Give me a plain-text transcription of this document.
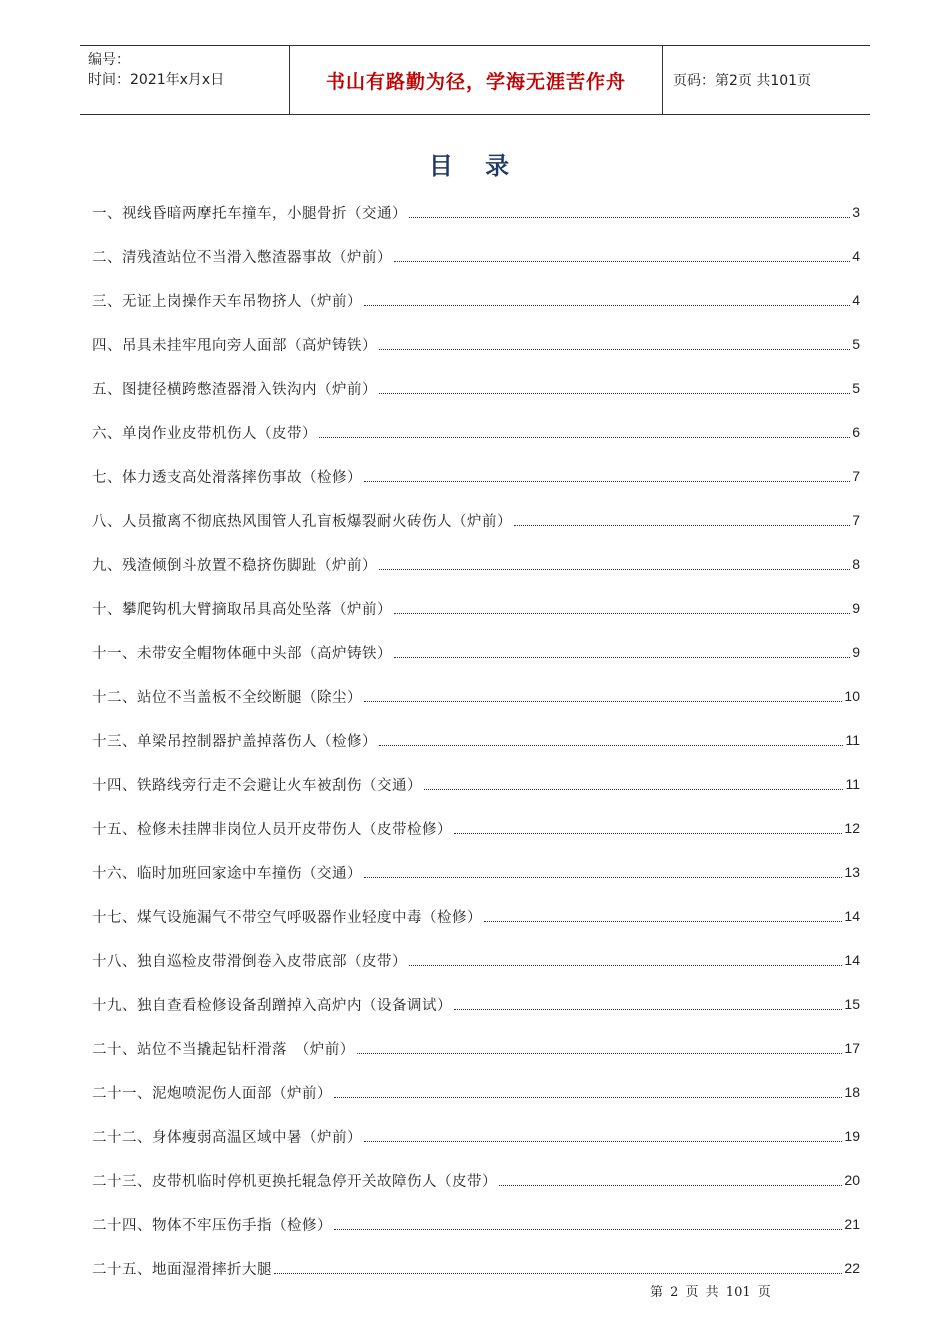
编号：
时间：2021年x月x日	书山有路勤为径，学海无涯苦作舟	页码：第2页 共101页
目 录
一、视线昏暗两摩托车撞车，小腿骨折（交通）	3
二、清残渣站位不当滑入憋渣器事故（炉前）	4
三、无证上岗操作天车吊物挤人（炉前）	4
四、吊具未挂牢甩向旁人面部（高炉铸铁）	5
五、图捷径横跨憋渣器滑入铁沟内（炉前）	5
六、单岗作业皮带机伤人（皮带）	6
七、体力透支高处滑落摔伤事故（检修）	7
八、人员撤离不彻底热风围管人孔盲板爆裂耐火砖伤人（炉前）	7
九、残渣倾倒斗放置不稳挤伤脚趾（炉前）	8
十、攀爬钩机大臂摘取吊具高处坠落（炉前）	9
十一、未带安全帽物体砸中头部（高炉铸铁）	9
十二、站位不当盖板不全绞断腿（除尘）	10
十三、单梁吊控制器护盖掉落伤人（检修）	11
十四、铁路线旁行走不会避让火车被刮伤（交通）	11
十五、检修未挂牌非岗位人员开皮带伤人（皮带检修）	12
十六、临时加班回家途中车撞伤（交通）	13
十七、煤气设施漏气不带空气呼吸器作业轻度中毒（检修）	14
十八、独自巡检皮带滑倒卷入皮带底部（皮带）	14
十九、独自查看检修设备刮蹭掉入高炉内（设备调试）	15
二十、站位不当撬起钻杆滑落　（炉前）	17
二十一、泥炮喷泥伤人面部（炉前）	18
二十二、身体瘦弱高温区域中暑（炉前）	19
二十三、皮带机临时停机更换托辊急停开关故障伤人（皮带）	20
二十四、物体不牢压伤手指（检修）	21
二十五、地面湿滑摔折大腿	22
第 2 页 共 101 页
